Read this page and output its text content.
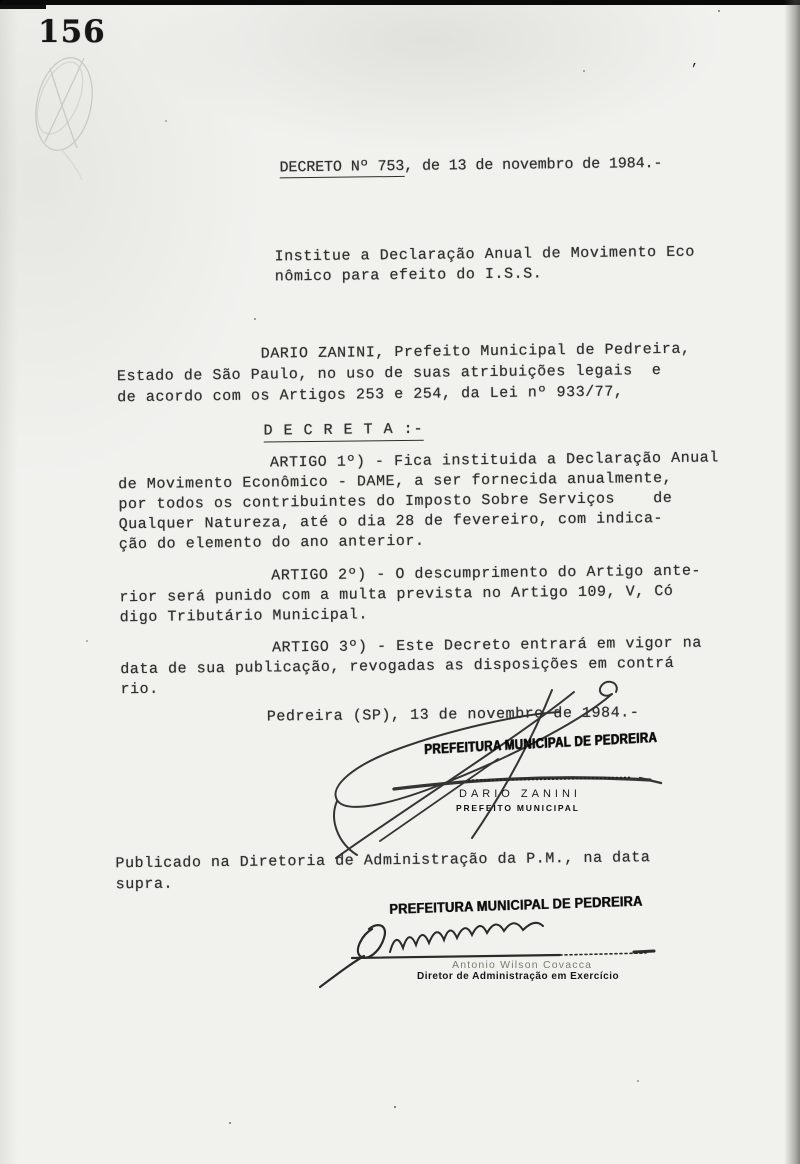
’
156
DECRETO Nº 753, de 13 de novembro de 1984.-
Institue a Declaração Anual de Movimento Eco
nômico para efeito do I.S.S.
DARIO ZANINI, Prefeito Municipal de Pedreira,
Estado de São Paulo, no uso de suas atribuições legais  e
de acordo com os Artigos 253 e 254, da Lei nº 933/77,
D E C R E T A :-
ARTIGO 1º) - Fica instituida a Declaração Anual
de Movimento Econômico - DAME, a ser fornecida anualmente,
por todos os contribuintes do Imposto Sobre Serviços    de
Qualquer Natureza, até o dia 28 de fevereiro, com indica-
ção do elemento do ano anterior.
ARTIGO 2º) - O descumprimento do Artigo ante-
rior será punido com a multa prevista no Artigo 109, V, Có
digo Tributário Municipal.
ARTIGO 3º) - Este Decreto entrará em vigor na
data de sua publicação, revogadas as disposições em contrá
rio.
Pedreira (SP), 13 de novembro de 1984.-
Publicado na Diretoria de Administração da P.M., na data
supra.
PREFEITURA MUNICIPAL DE PEDREIRA
DARIO ZANINI
PREFEITO MUNICIPAL
PREFEITURA MUNICIPAL DE PEDREIRA
Antonio Wilson Covacca
Diretor de Administração em Exercício
